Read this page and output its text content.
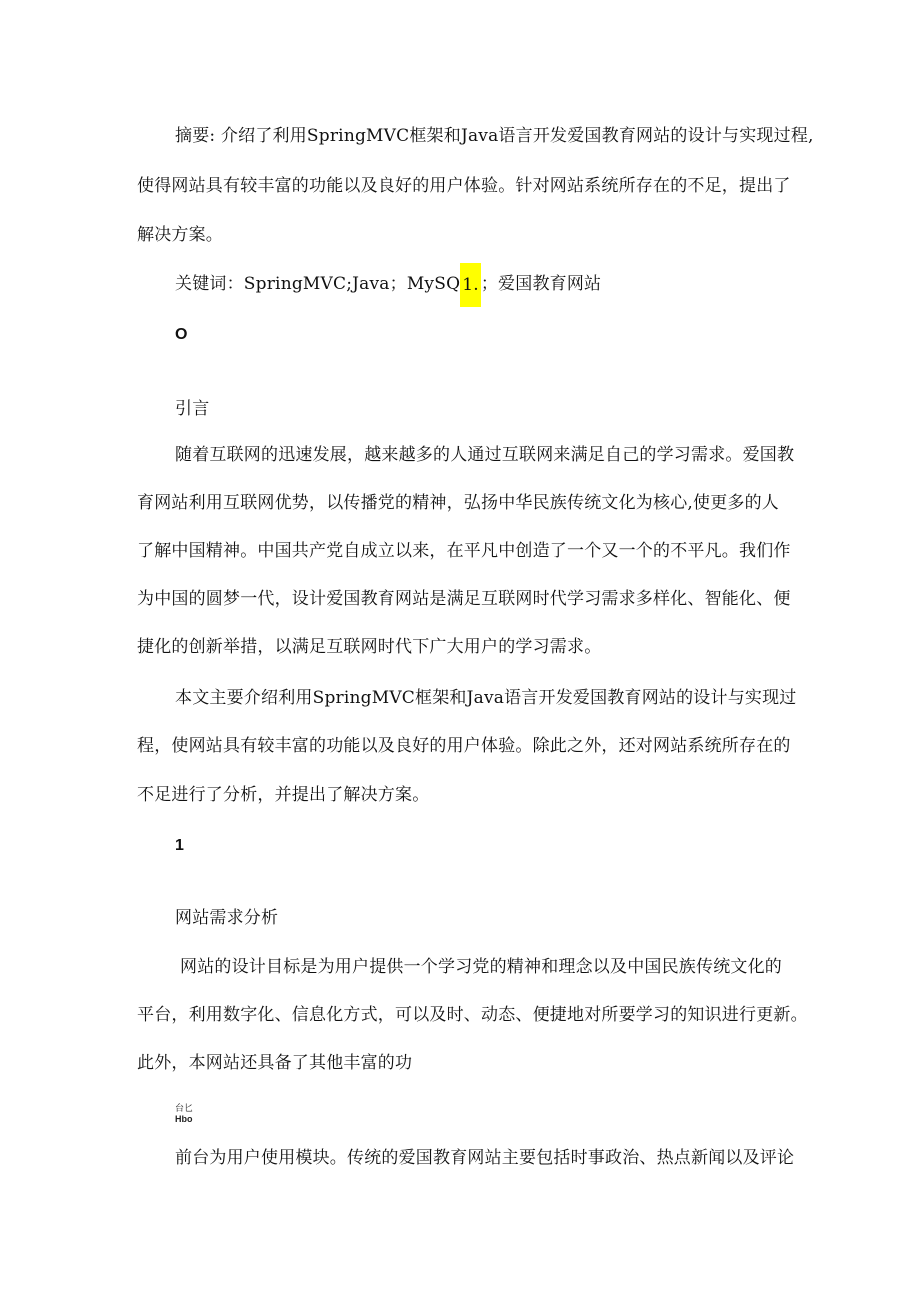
摘要: 介绍了利用SpringMVC框架和Java语言开发爱国教育网站的设计与实现过程,
使得网站具有较丰富的功能以及良好的用户体验。针对网站系统所存在的不足，提出了
解决方案。
关键词：SpringMVC;Java；MySQ 1. ；爱国教育网站
O
引言
随着互联网的迅速发展，越来越多的人通过互联网来满足自己的学习需求。爱国教
育网站利用互联网优势，以传播党的精神，弘扬中华民族传统文化为核心,使更多的人
了解中国精神。中国共产党自成立以来，在平凡中创造了一个又一个的不平凡。我们作
为中国的圆梦一代，设计爱国教育网站是满足互联网时代学习需求多样化、智能化、便
捷化的创新举措，以满足互联网时代下广大用户的学习需求。
本文主要介绍利用SpringMVC框架和Java语言开发爱国教育网站的设计与实现过
程，使网站具有较丰富的功能以及良好的用户体验。除此之外，还对网站系统所存在的
不足进行了分析，并提出了解决方案。
1
网站需求分析
网站的设计目标是为用户提供一个学习党的精神和理念以及中国民族传统文化的
平台，利用数字化、信息化方式，可以及时、动态、便捷地对所要学习的知识进行更新。
此外，本网站还具备了其他丰富的功
台匕
Hbo
前台为用户使用模块。传统的爱国教育网站主要包括时事政治、热点新闻以及评论
